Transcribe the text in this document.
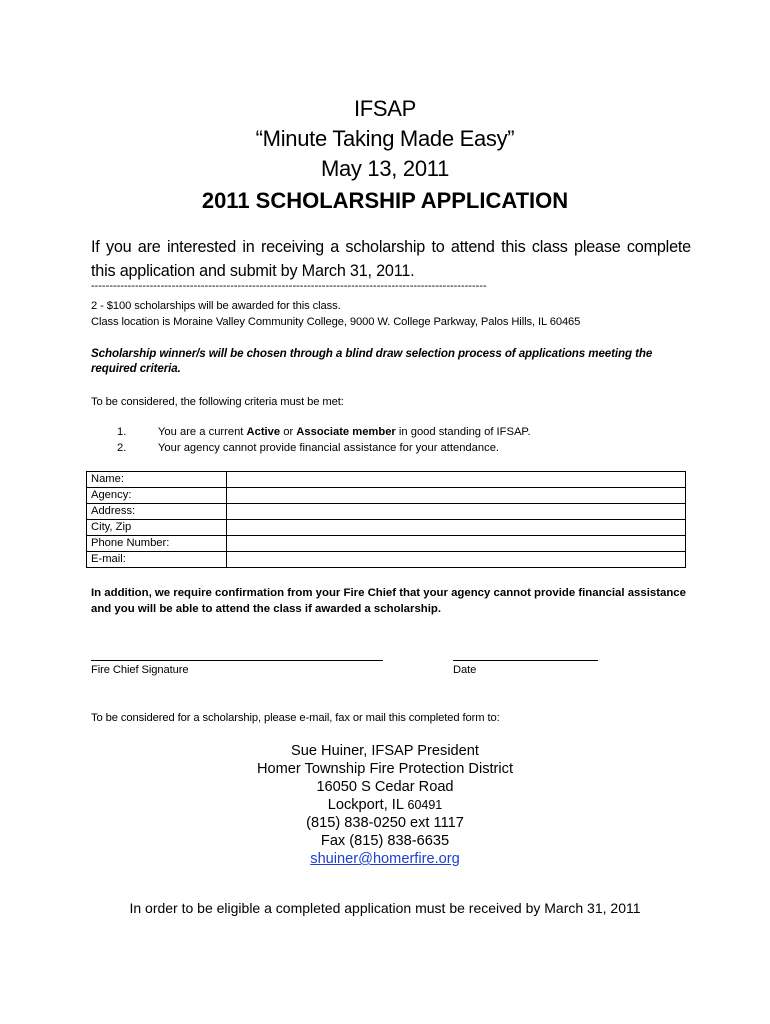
IFSAP
“Minute Taking Made Easy”
May 13, 2011
2011 SCHOLARSHIP APPLICATION
If you are interested in receiving a scholarship to attend this class please complete this application and submit by March 31, 2011.
------------------------------------------------------------------------------------------------------------
2 - $100 scholarships will be awarded for this class.
Class location is Moraine Valley Community College, 9000 W. College Parkway, Palos Hills, IL 60465
Scholarship winner/s will be chosen through a blind draw selection process of applications meeting the required criteria.
To be considered, the following criteria must be met:
1.	You are a current Active or Associate member in good standing of IFSAP.
2.	Your agency cannot provide financial assistance for your attendance.
Name:	
Agency:	
Address:	
City, Zip	
Phone Number:	
E-mail:	
In addition, we require confirmation from your Fire Chief that your agency cannot provide financial assistance and you will be able to attend the class if awarded a scholarship.
Fire Chief Signature	Date
To be considered for a scholarship, please e-mail, fax or mail this completed form to:
Sue Huiner, IFSAP President
Homer Township Fire Protection District
16050 S Cedar Road
Lockport, IL 60491
(815) 838-0250 ext 1117
Fax (815) 838-6635
shuiner@homerfire.org
In order to be eligible a completed application must be received by March 31, 2011
